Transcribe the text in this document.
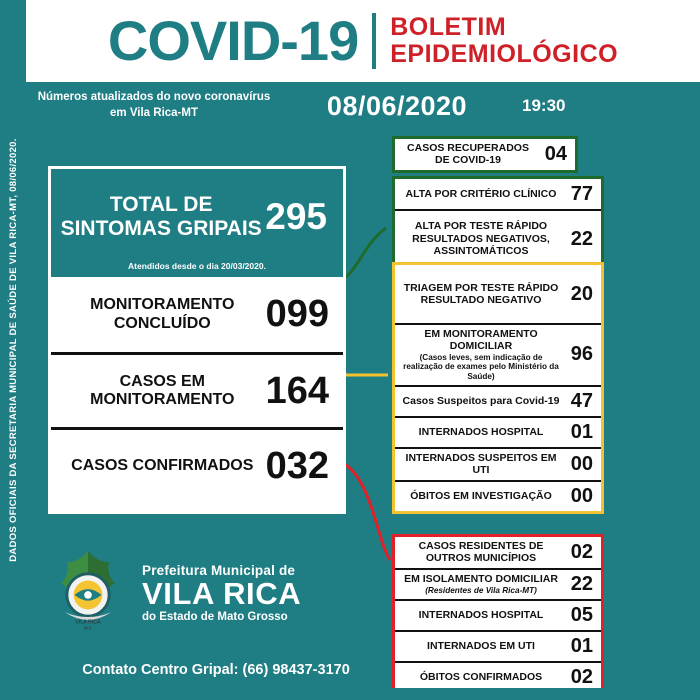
DADOS OFICIAIS DA SECRETARIA MUNICIPAL DE SAÚDE DE VILA RICA-MT, 08/06/2020.
COVID-19	BOLETIM
EPIDEMIOLÓGICO
Números atualizados do novo coronavírus em Vila Rica-MT	08/06/2020	19:30
TOTAL DE SINTOMAS GRIPAIS 295
Atendidos desde o dia 20/03/2020.
MONITORAMENTO CONCLUÍDO	099
CASOS EM MONITORAMENTO 164
CASOS CONFIRMADOS 032
CASOS RECUPERADOS DE COVID-19	04
ALTA POR CRITÉRIO CLÍNICO 77
ALTA POR TESTE RÁPIDO RESULTADOS NEGATIVOS, ASSINTOMÁTICOS
22
TRIAGEM POR TESTE RÁPIDO RESULTADO NEGATIVO	20
EM MONITORAMENTO DOMICILIAR
(Casos leves, sem indicação de realização de exames pelo Ministério da Saúde)
96
Casos Suspeitos para Covid-19 47
INTERNADOS HOSPITAL	01
INTERNADOS SUSPEITOS EM UTI	00
ÓBITOS EM INVESTIGAÇÃO 00
CASOS RESIDENTES DE OUTROS MUNICÍPIOS	02
EM ISOLAMENTO DOMICILIAR
(Residentes de Vila Rica-MT)	22
INTERNADOS HOSPITAL	05
INTERNADOS EM UTI	01
ÓBITOS CONFIRMADOS	02
VILA RICA
M.T.
Prefeitura Municipal de
VILA RICA
do Estado de Mato Grosso
Contato Centro Gripal: (66) 98437-3170
